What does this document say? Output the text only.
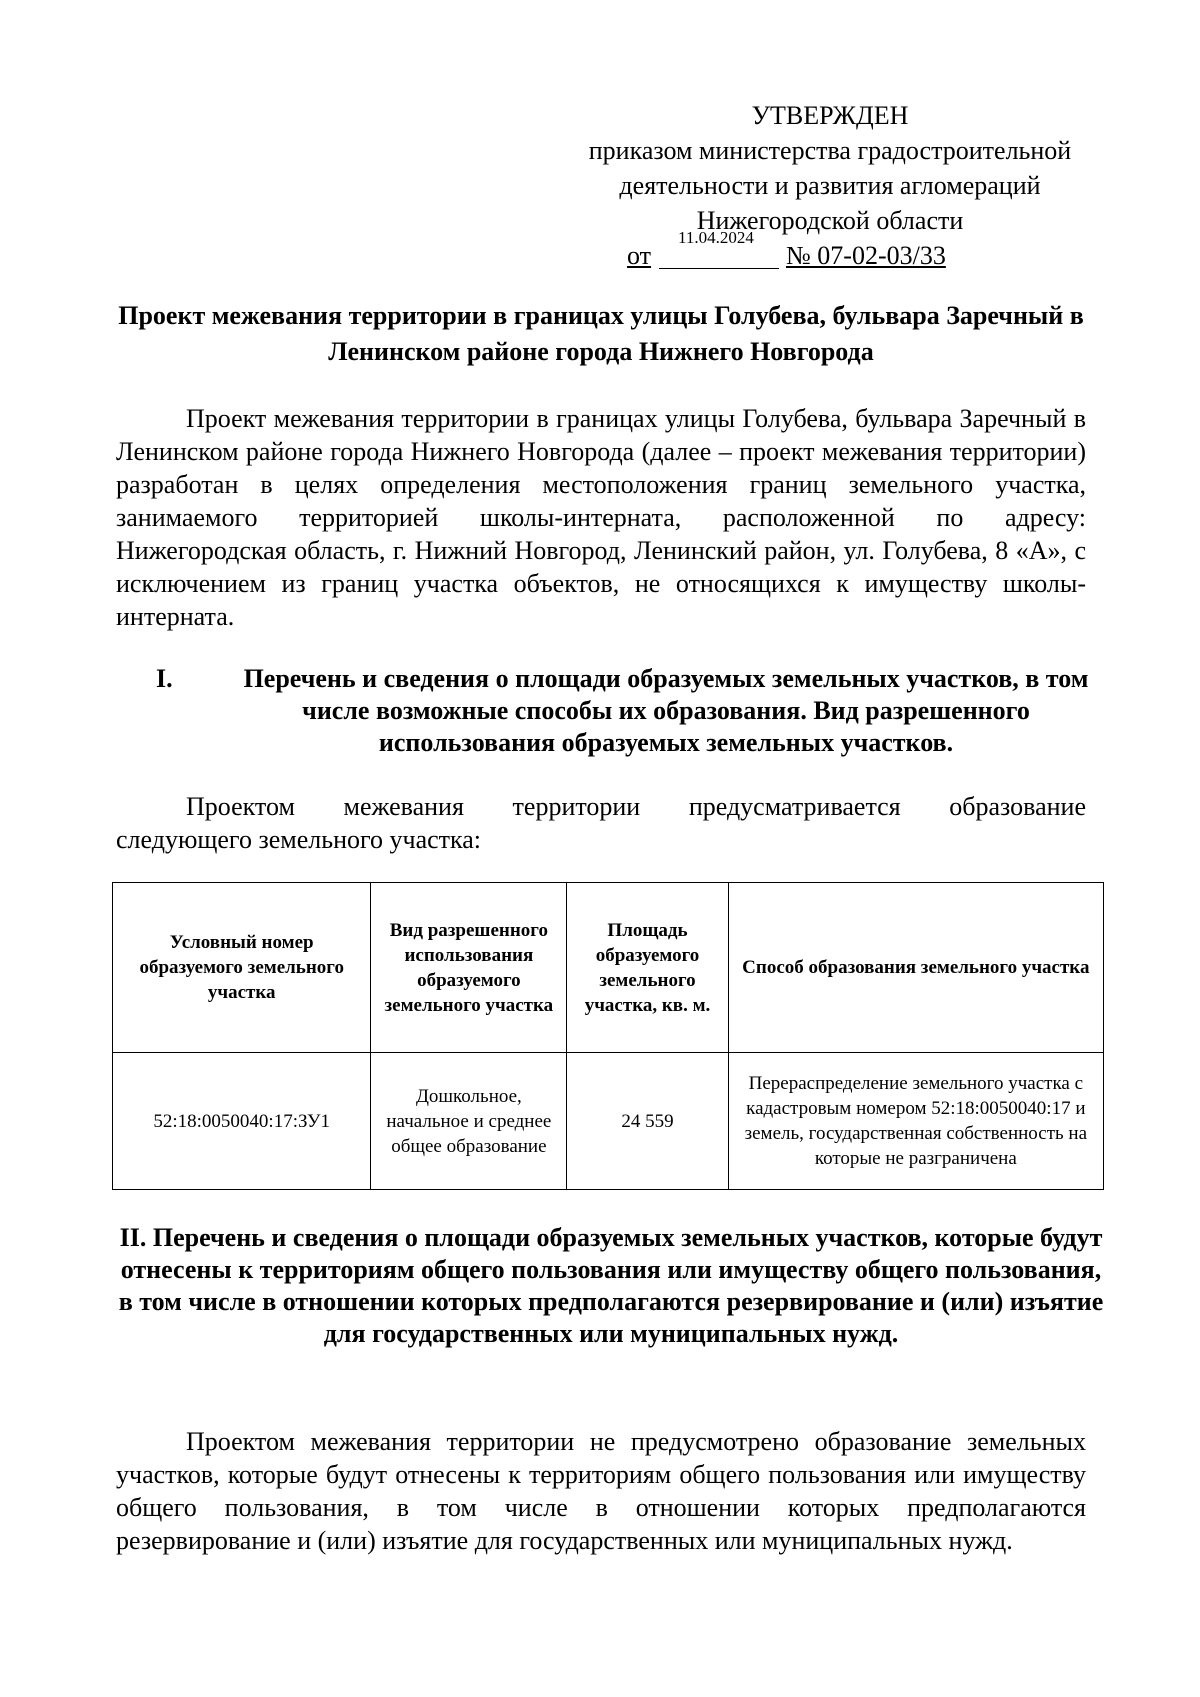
УТВЕРЖДЕН
приказом министерства градостроительной
деятельности и развития агломераций
Нижегородской области
от
11.04.2024
№ 07-02-03/33
Проект межевания территории в границах улицы Голубева, бульвара Заречный в Ленинском районе города Нижнего Новгорода

Проект межевания территории в границах улицы Голубева, бульвара Заречный в Ленинском районе города Нижнего Новгорода (далее – проект межевания территории) разработан в целях определения местоположения границ земельного участка, занимаемого территорией школы-интерната, расположенной по адресу: Нижегородская область, г. Нижний Новгород, Ленинский район, ул. Голубева, 8 «А», с исключением из границ участка объектов, не относящихся к имуществу школы-интерната.

I.	Перечень и сведения о площади образуемых земельных участков, в том числе возможные способы их образования. Вид разрешенного использования образуемых земельных участков.

Проектом межевания территории предусматривается образование
следующего земельного участка:

Условный номер образуемого земельного участка	Вид разрешенного использования образуемого земельного участка	Площадь образуемого земельного участка, кв. м.	Способ образования земельного участка
52:18:0050040:17:ЗУ1	Дошкольное, начальное и среднее общее образование	24 559	Перераспределение земельного участка с кадастровым номером 52:18:0050040:17 и земель, государственная собственность на которые не разграничена
II. Перечень и сведения о площади образуемых земельных участков, которые будут отнесены к территориям общего пользования или имуществу общего пользования, в том числе в отношении которых предполагаются резервирование и (или) изъятие для государственных или муниципальных нужд.

Проектом межевания территории не предусмотрено образование земельных участков, которые будут отнесены к территориям общего пользования или имуществу общего пользования, в том числе в отношении которых предполагаются резервирование и (или) изъятие для государственных или муниципальных нужд.
